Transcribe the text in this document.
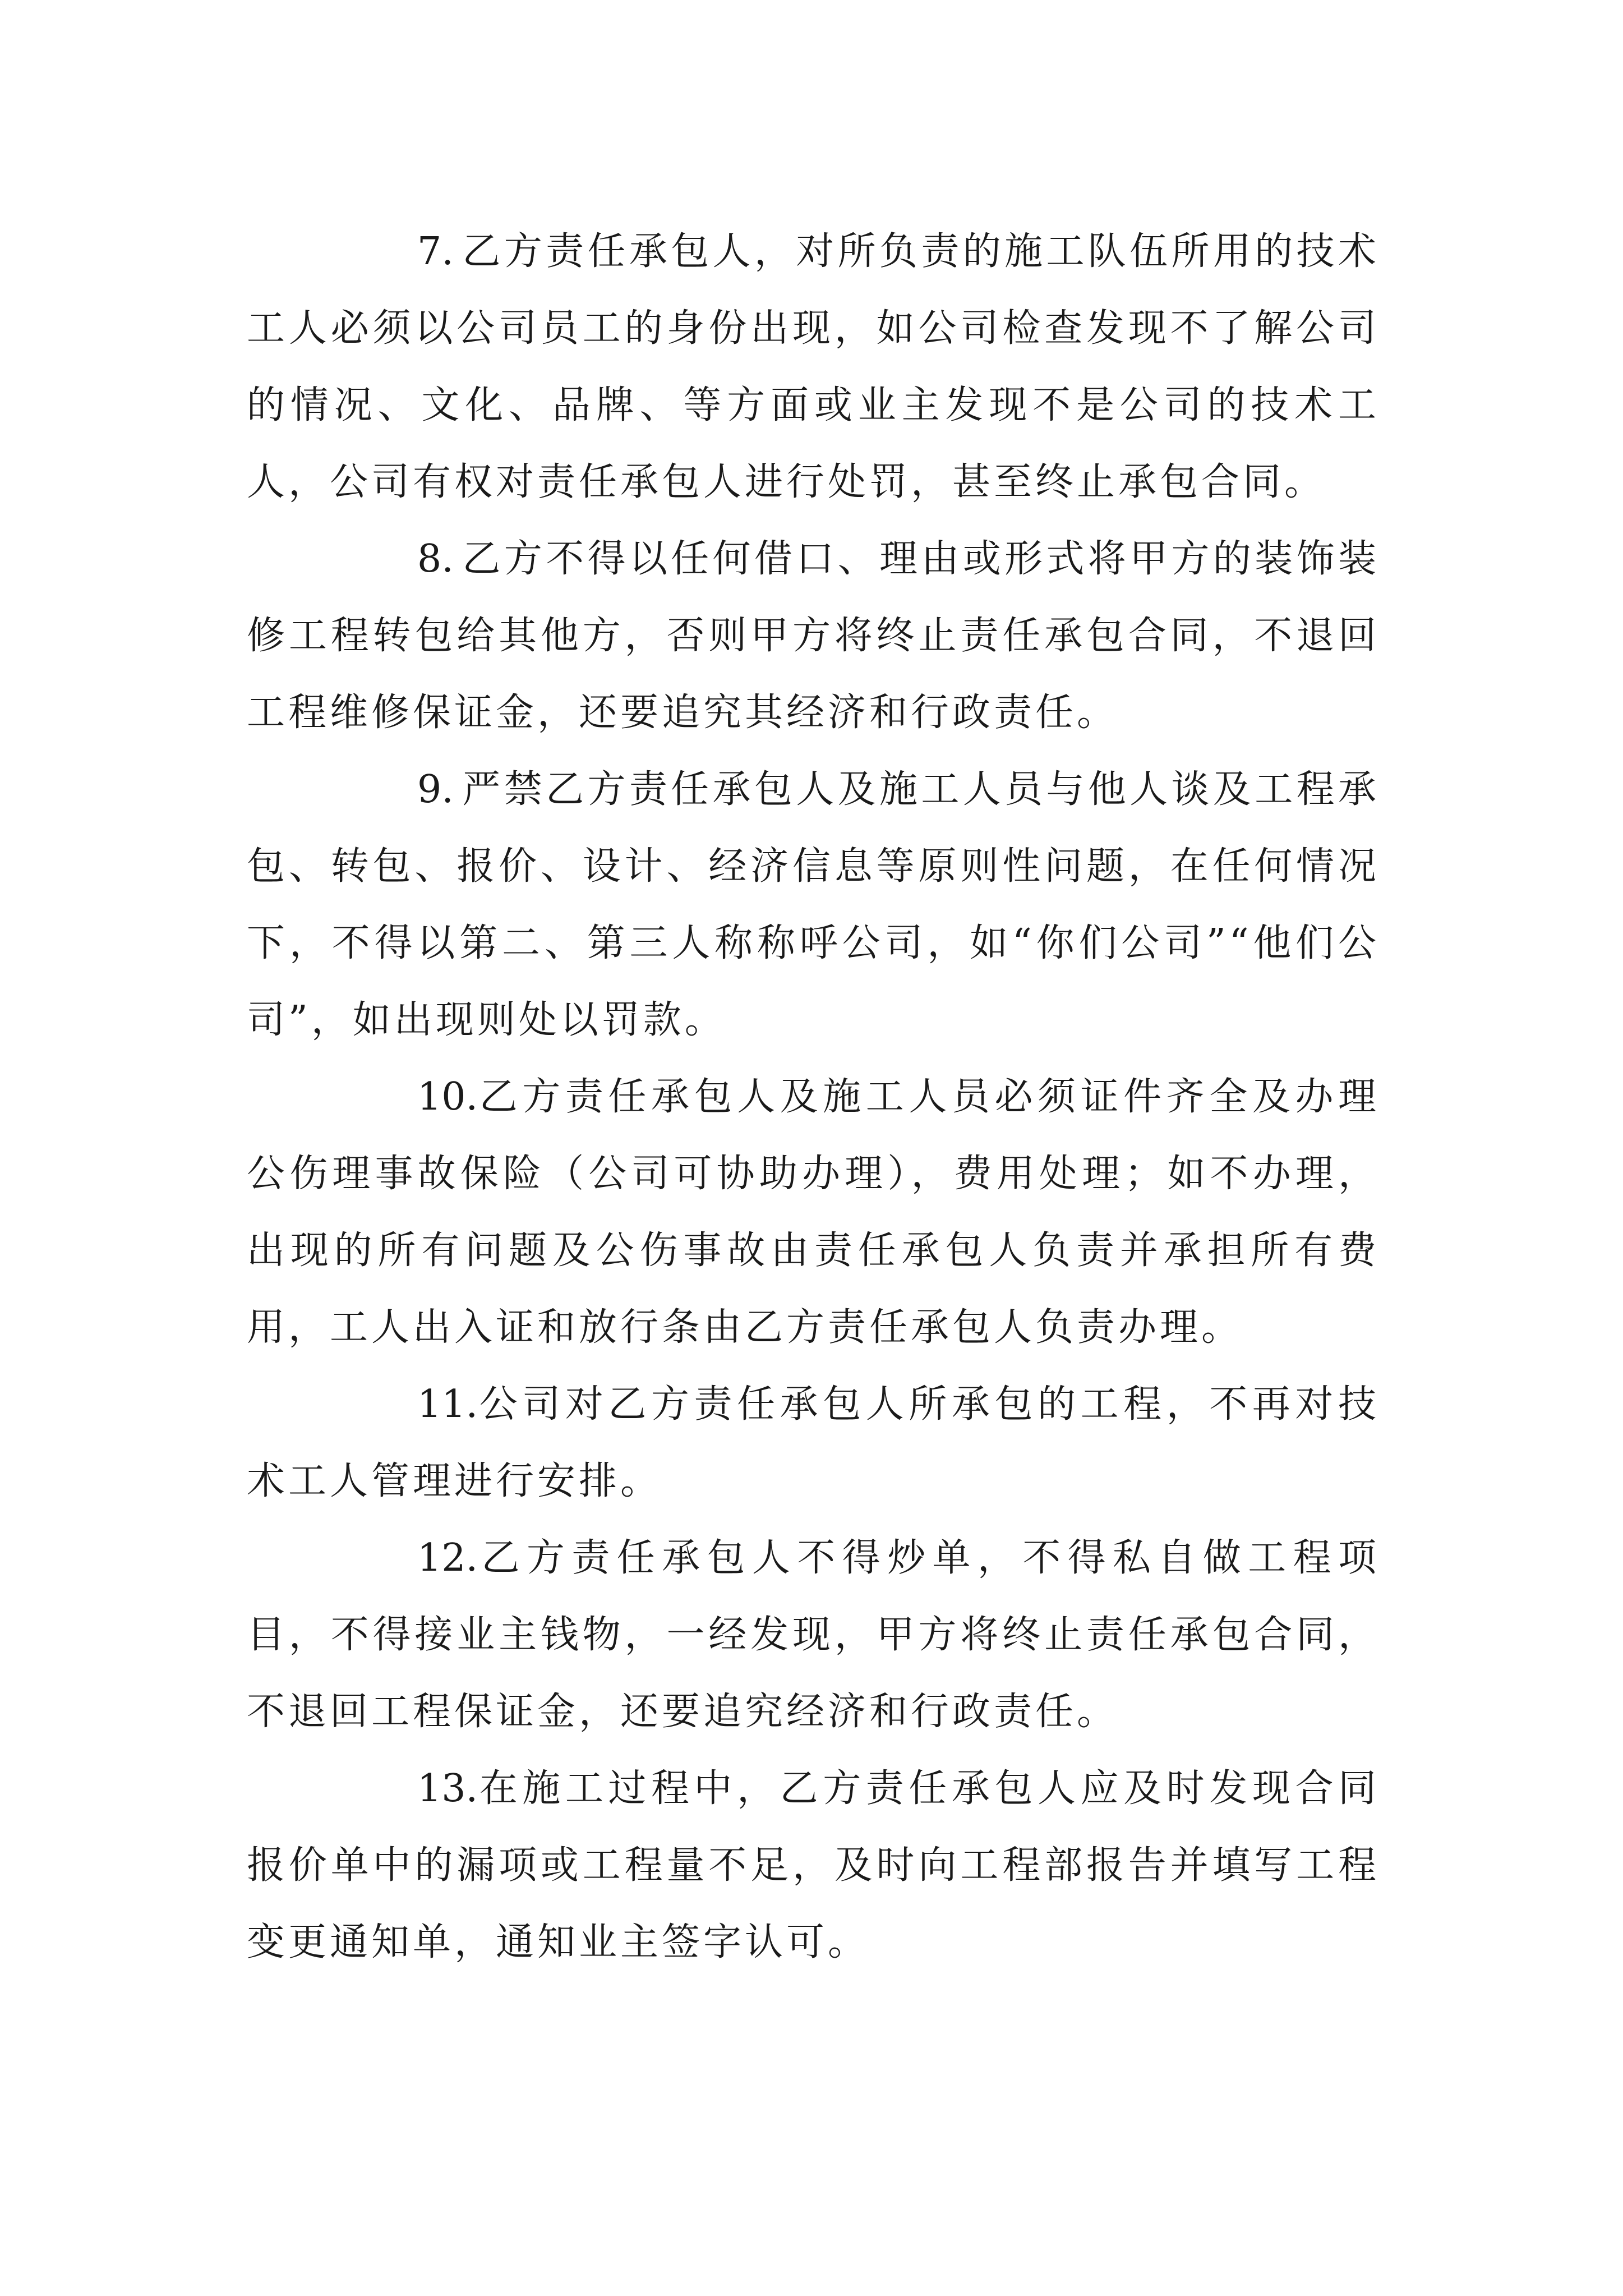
7. 乙方责任承包人，对所负责的施工队伍所用的技术工人必须以公司员工的身份出现，如公司检查发现不了解公司的情况、文化、品牌、等方面或业主发现不是公司的技术工人，公司有权对责任承包人进行处罚，甚至终止承包合同。

8. 乙方不得以任何借口、理由或形式将甲方的装饰装修工程转包给其他方，否则甲方将终止责任承包合同，不退回工程维修保证金，还要追究其经济和行政责任。

9. 严禁乙方责任承包人及施工人员与他人谈及工程承包、转包、报价、设计、经济信息等原则性问题，在任何情况下，不得以第二、第三人称称呼公司，如“你们公司”“他们公司”，如出现则处以罚款。

10.乙方责任承包人及施工人员必须证件齐全及办理公伤理事故保险（公司可协助办理），费用处理；如不办理，出现的所有问题及公伤事故由责任承包人负责并承担所有费用，工人出入证和放行条由乙方责任承包人负责办理。

11.公司对乙方责任承包人所承包的工程，不再对技术工人管理进行安排。

12.乙方责任承包人不得炒单，不得私自做工程项目，不得接业主钱物，一经发现，甲方将终止责任承包合同，不退回工程保证金，还要追究经济和行政责任。

13.在施工过程中，乙方责任承包人应及时发现合同报价单中的漏项或工程量不足，及时向工程部报告并填写工程变更通知单，通知业主签字认可。
